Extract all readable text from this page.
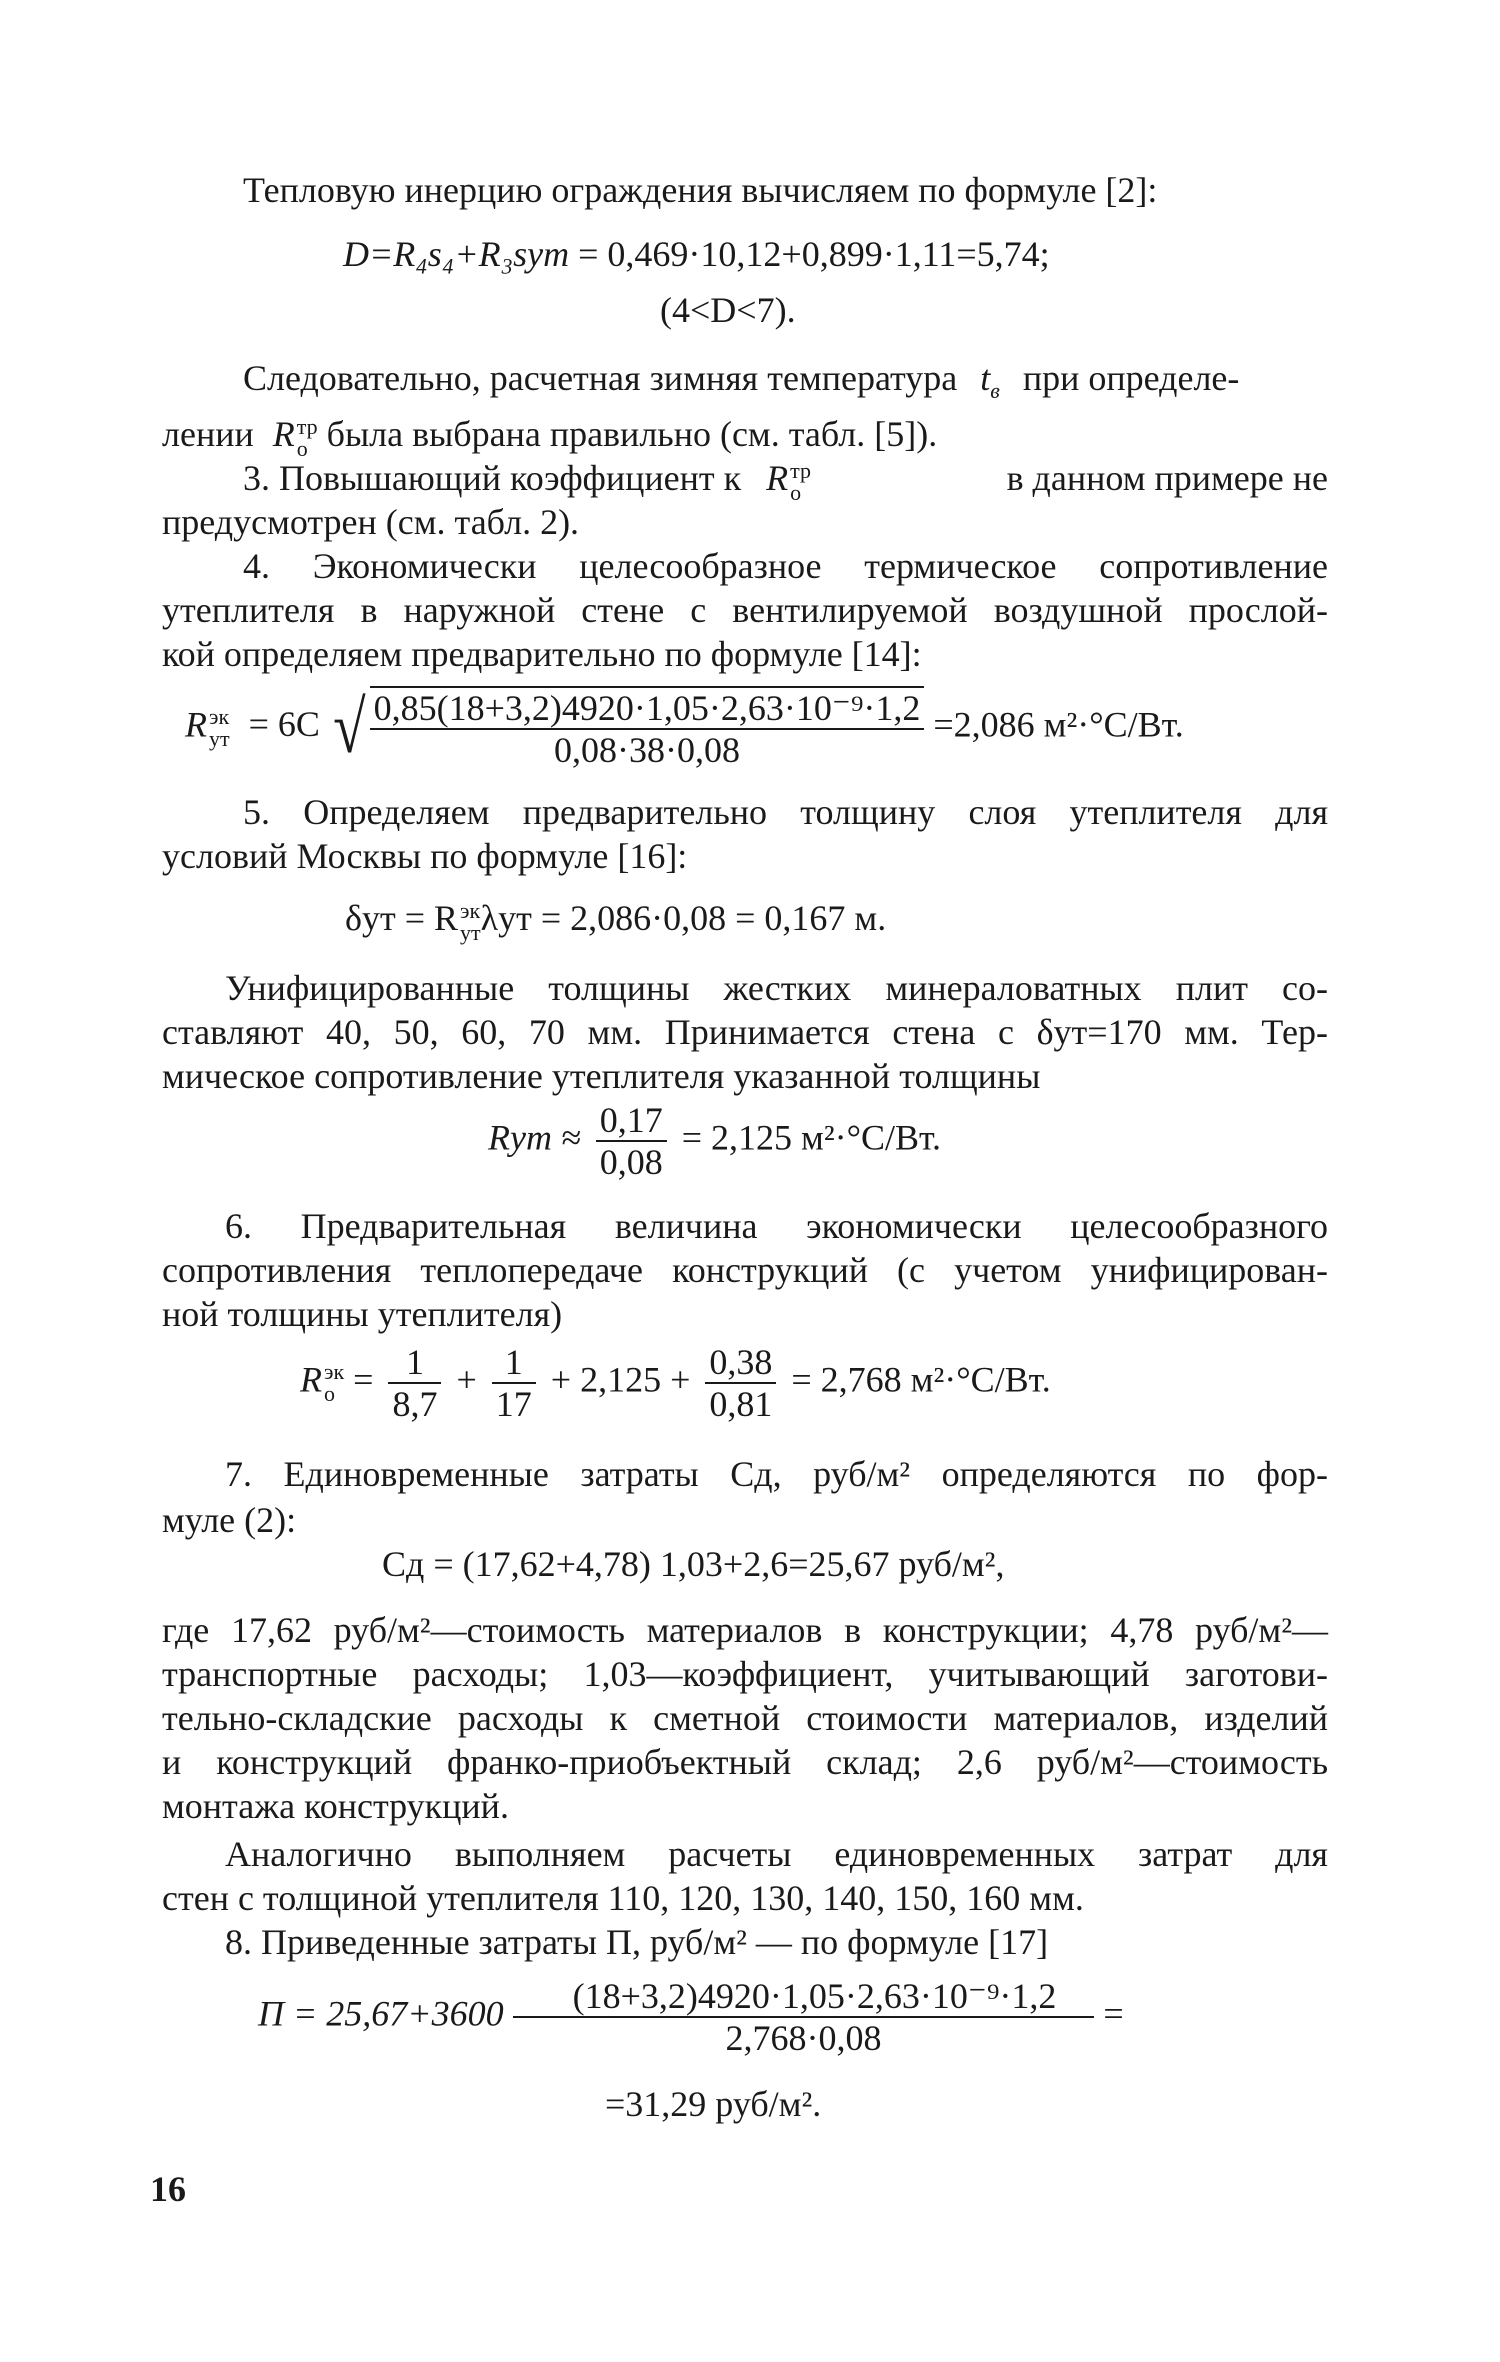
Тепловую инерцию ограждения вычисляем по формуле [2]:
D=R₄s₄+R₃sут = 0,469·10,12+0,899·1,11=5,74;
(4<D<7).
Следовательно, расчетная зимняя температура $t_в$ при определе-
лении R тр
о была выбрана правильно (см. табл. [5]).
3. Повышающий коэффициент к R тр
о	в данном примере не
предусмотрен (см. табл. 2).
4. Экономически целесообразное термическое сопротивление
утеплителя в наружной стене с вентилируемой воздушной прослой-
кой определяем предварительно по формуле [14]:
R эк
ут = 6С √ $\frac{\text{0,85(18+3,2)4920·1,05·2,63·10⁻⁹·1,2}}{0,08\cdot 38\cdot 0,08} =2,086$ м²·°С/Вт.
5. Определяем предварительно толщину слоя утеплителя для
условий Москвы по формуле [16]:
δут = R эк
ут λут = 2,086·0,08 = 0,167 м.
Унифицированные толщины жестких минераловатных плит со-
ставляют 40, 50, 60, 70 мм. Принимается стена с δут=170 мм. Тер-
мическое сопротивление утеплителя указанной толщины
Rут ≈ $\frac{0,17}{0,08} = 2,125$ м²·°С/Вт.
6. Предварительная величина экономически целесообразного
сопротивления теплопередаче конструкций (с учетом унифицирован-
ной толщины утеплителя)
R эк
$о = \frac{1}{8,7} + \frac{1}{17} + 2,125 + \frac{0,38}{0,81} = 2,768$ м²·°С/Вт.
7. Единовременные затраты Сд, руб/м² определяются по фор-
муле (2):
Сд = (17,62+4,78) 1,03+2,6=25,67 руб/м²,
где 17,62 руб/м²—стоимость материалов в конструкции; 4,78 руб/м²—
транспортные расходы; 1,03—коэффициент, учитывающий заготови-
тельно-складские расходы к сметной стоимости материалов, изделий
и конструкций франко-приобъектный склад; 2,6 руб/м²—стоимость
монтажа конструкций.
Аналогично выполняем расчеты единовременных затрат для
стен с толщиной утеплителя 110, 120, 130, 140, 150, 160 мм.
8. Приведенные затраты П, руб/м² — по формуле [17]
$П = 25,67+3600 \frac{\text{(18+3,2)4920·1,05·2,63·10⁻⁹·1,2}}{2,768\cdot 0,08}$ =
=31,29 руб/м².
16
